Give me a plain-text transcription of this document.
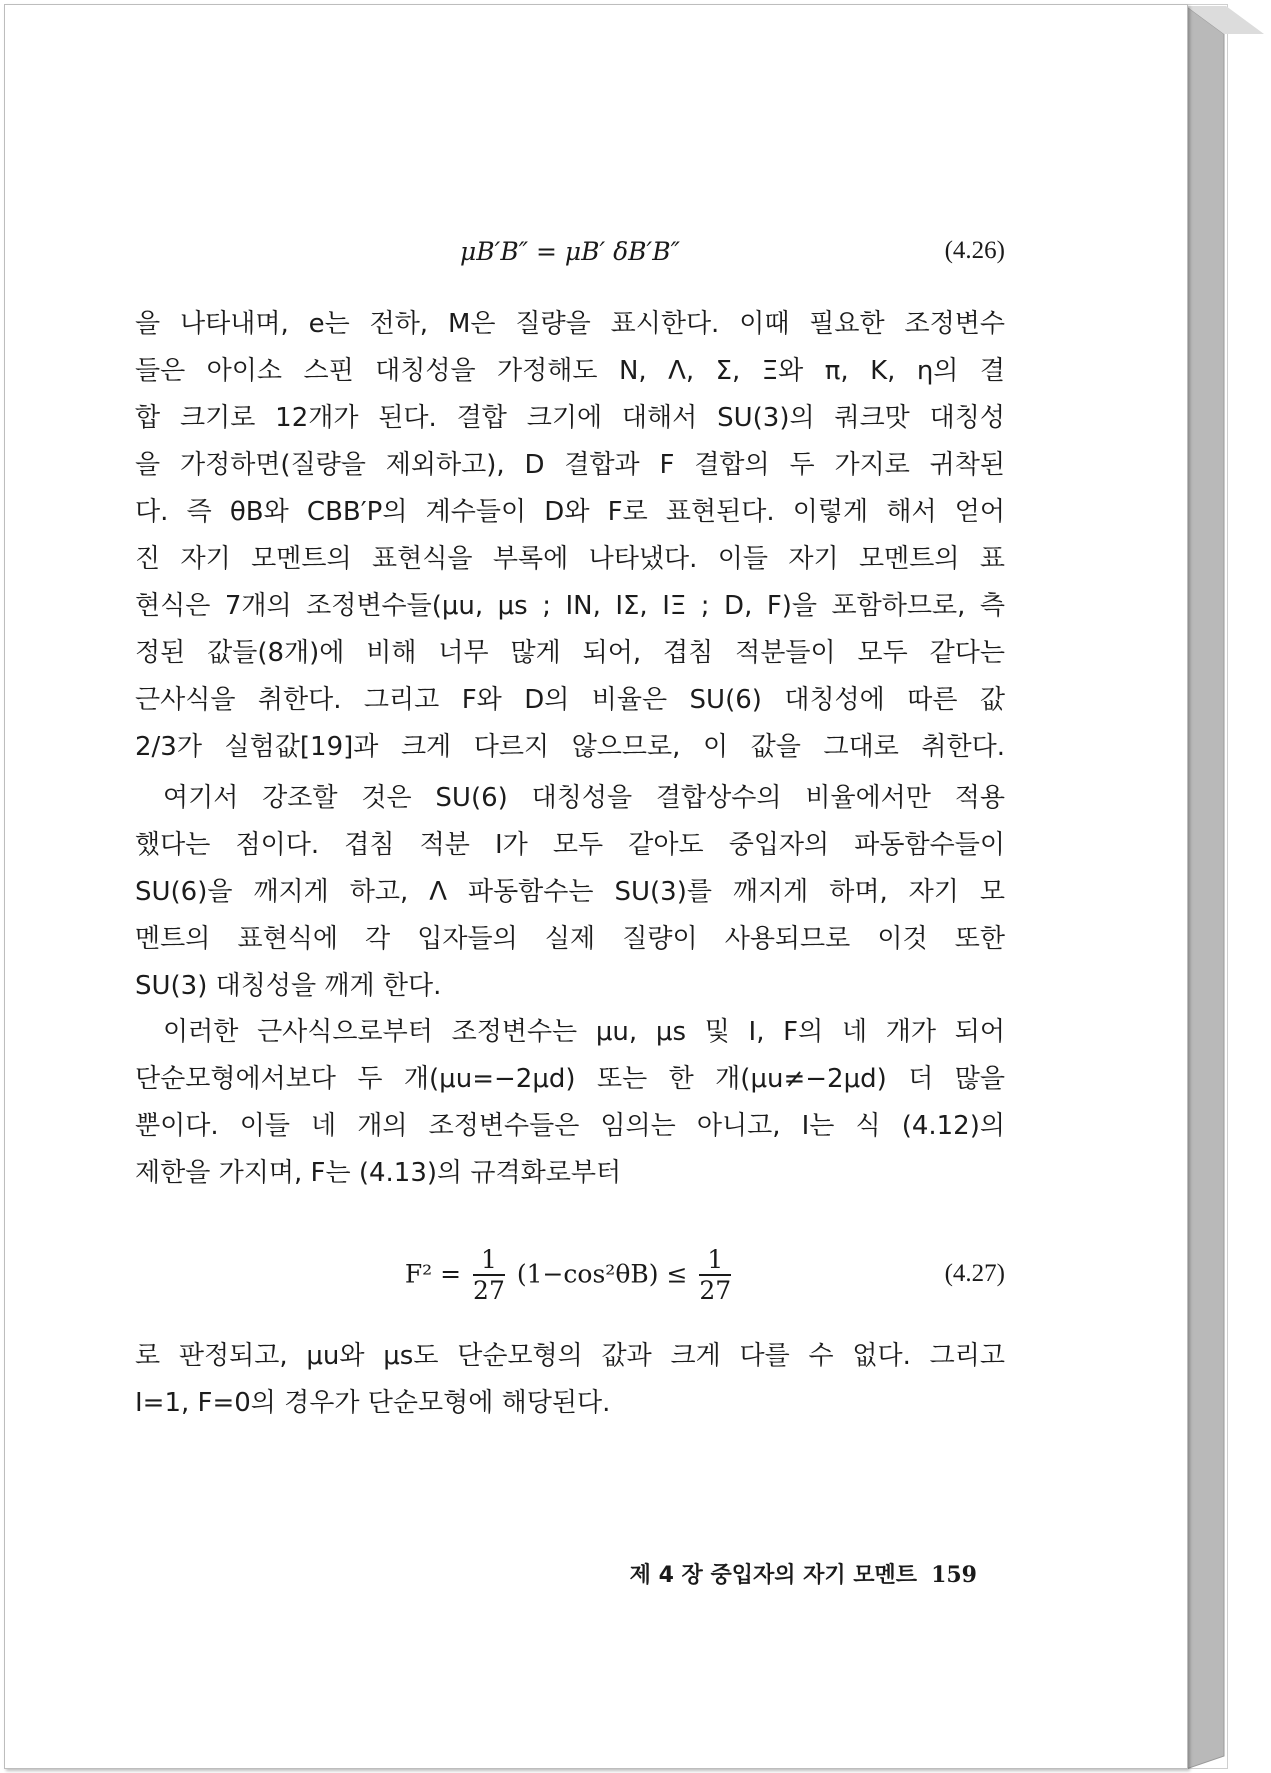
μB′B″ = μB′ δB′B″	(4.26)
을 나타내며, e는 전하, M은 질량을 표시한다. 이때 필요한 조정변수
들은 아이소 스핀 대칭성을 가정해도 N, Λ, Σ, Ξ와 π, K, η의 결
합 크기로 12개가 된다. 결합 크기에 대해서 SU(3)의 쿼크맛 대칭성
을 가정하면(질량을 제외하고), D 결합과 F 결합의 두 가지로 귀착된
다. 즉 θB와 CBB′P의 계수들이 D와 F로 표현된다. 이렇게 해서 얻어
진 자기 모멘트의 표현식을 부록에 나타냈다. 이들 자기 모멘트의 표
현식은 7개의 조정변수들(μu, μs ; IN, IΣ, IΞ ; D, F)을 포함하므로, 측
정된 값들(8개)에 비해 너무 많게 되어, 겹침 적분들이 모두 같다는
근사식을 취한다. 그리고 F와 D의 비율은 SU(6) 대칭성에 따른 값
2/3가 실험값[19]과 크게 다르지 않으므로, 이 값을 그대로 취한다.
여기서 강조할 것은 SU(6) 대칭성을 결합상수의 비율에서만 적용
했다는 점이다. 겹침 적분 I가 모두 같아도 중입자의 파동함수들이
SU(6)을 깨지게 하고, Λ 파동함수는 SU(3)를 깨지게 하며, 자기 모
멘트의 표현식에 각 입자들의 실제 질량이 사용되므로 이것 또한
SU(3) 대칭성을 깨게 한다.
이러한 근사식으로부터 조정변수는 μu, μs 및 I, F의 네 개가 되어
단순모형에서보다 두 개(μu=−2μd) 또는 한 개(μu≠−2μd) 더 많을
뿐이다. 이들 네 개의 조정변수들은 임의는 아니고, I는 식 (4.12)의
제한을 가지며, F는 (4.13)의 규격화로부터
$F^2 = \frac{1}{27} (1-\cos^2\theta B) \le \frac{1}{27}$	(4.27)
로 판정되고, μu와 μs도 단순모형의 값과 크게 다를 수 없다. 그리고
I=1, F=0의 경우가 단순모형에 해당된다.
제 4 장 중입자의 자기 모멘트 159
